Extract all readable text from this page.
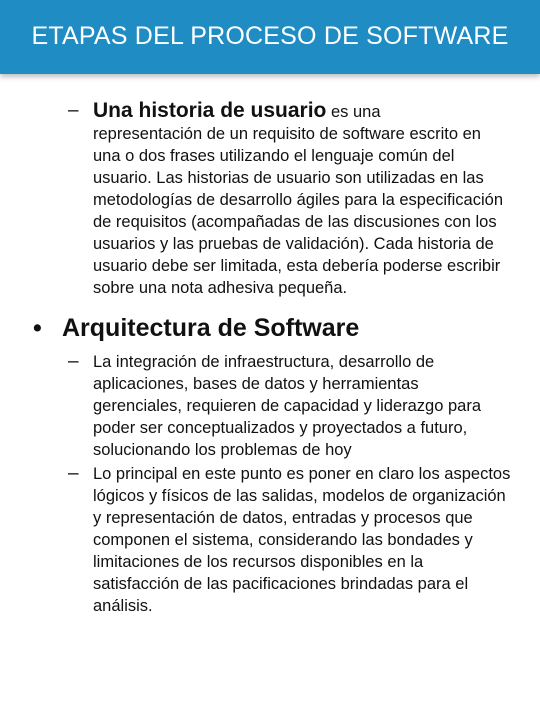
ETAPAS DEL PROCESO DE SOFTWARE
– Una historia de usuario es una
representación de un requisito de software escrito en una o dos frases utilizando el lenguaje común del usuario. Las historias de usuario son utilizadas en las metodologías de desarrollo ágiles para la especificación de requisitos (acompañadas de las discusiones con los usuarios y las pruebas de validación). Cada historia de usuario debe ser limitada, esta debería poderse escribir sobre una nota adhesiva pequeña.
• Arquitectura de Software
– La integración de infraestructura, desarrollo de aplicaciones, bases de datos y herramientas gerenciales, requieren de capacidad y liderazgo para poder ser conceptualizados y proyectados a futuro, solucionando los problemas de hoy
– Lo principal en este punto es poner en claro los aspectos lógicos y físicos de las salidas, modelos de organización y representación de datos, entradas y procesos que componen el sistema, considerando las bondades y limitaciones de los recursos disponibles en la satisfacción de las pacificaciones brindadas para el análisis.
